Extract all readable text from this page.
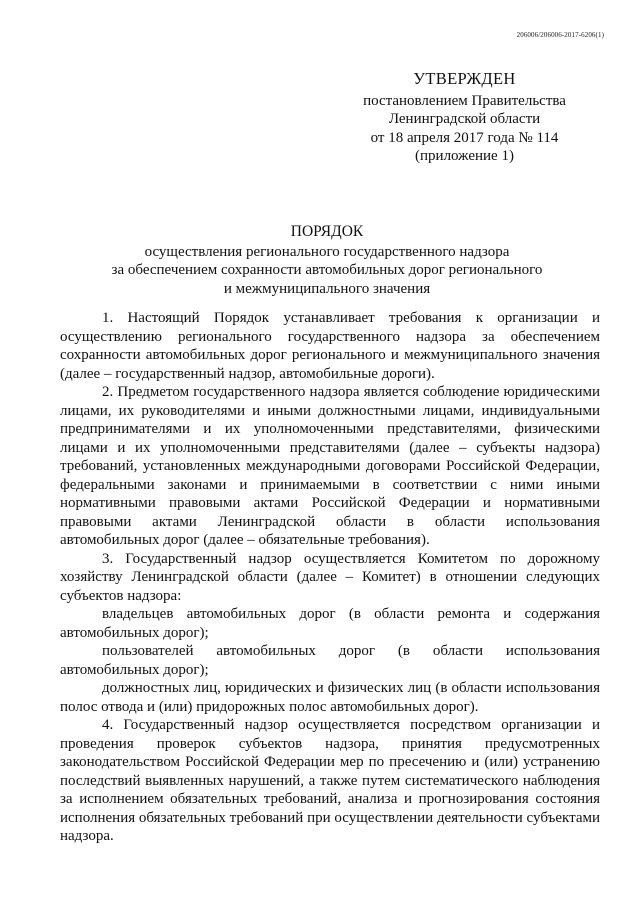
206006/206006-2017-6206(1)
УТВЕРЖДЕН
постановлением Правительства
Ленинградской области
от 18 апреля 2017 года № 114
(приложение 1)
ПОРЯДОК
осуществления регионального государственного надзора
за обеспечением сохранности автомобильных дорог регионального
и межмуниципального значения

1. Настоящий Порядок устанавливает требования к организации и осуществлению регионального государственного надзора за обеспечением сохранности автомобильных дорог регионального и межмуниципального значения (далее – государственный надзор, автомобильные дороги).

2. Предметом государственного надзора является соблюдение юридическими лицами, их руководителями и иными должностными лицами, индивидуальными предпринимателями и их уполномоченными представителями, физическими лицами и их уполномоченными представителями (далее – субъекты надзора) требований, установленных международными договорами Российской Федерации, федеральными законами и принимаемыми в соответствии с ними иными нормативными правовыми актами Российской Федерации и нормативными правовыми актами Ленинградской области в области использования автомобильных дорог (далее – обязательные требования).

3. Государственный надзор осуществляется Комитетом по дорожному хозяйству Ленинградской области (далее – Комитет) в отношении следующих субъектов надзора:

владельцев автомобильных дорог (в области ремонта и содержания автомобильных дорог);

пользователей автомобильных дорог (в области использования автомобильных дорог);

должностных лиц, юридических и физических лиц (в области использования полос отвода и (или) придорожных полос автомобильных дорог).

4. Государственный надзор осуществляется посредством организации и проведения проверок субъектов надзора, принятия предусмотренных законодательством Российской Федерации мер по пресечению и (или) устранению последствий выявленных нарушений, а также путем систематического наблюдения за исполнением обязательных требований, анализа и прогнозирования состояния исполнения обязательных требований при осуществлении деятельности субъектами надзора.
